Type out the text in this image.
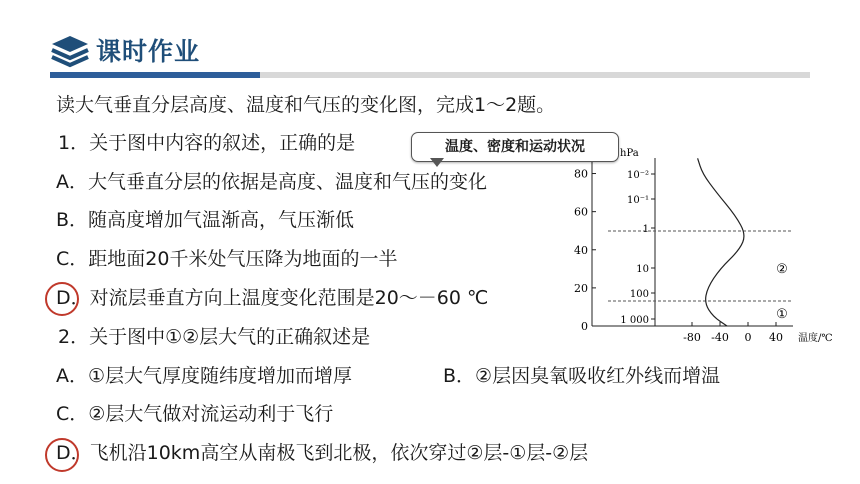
课时作业
读大气垂直分层高度、温度和气压的变化图，完成1～2题。
1．关于图中内容的叙述，正确的是
A．大气垂直分层的依据是高度、温度和气压的变化
B．随高度增加气温渐高，气压渐低
C．距地面20千米处气压降为地面的一半
D．对流层垂直方向上温度变化范围是20～－60 ℃
2．关于图中①②层大气的正确叙述是
A．①层大气厚度随纬度增加而增厚	B．②层因臭氧吸收红外线而增温
C．②层大气做对流运动利于飞行
D．飞机沿10km高空从南极飞到北极，依次穿过②层-①层-②层
0
20
40
60
80	10⁻²
10⁻¹
1
10
100
1 000
hPa
-80 -40 0 40 温度/℃
②
①
温度、密度和运动状况
